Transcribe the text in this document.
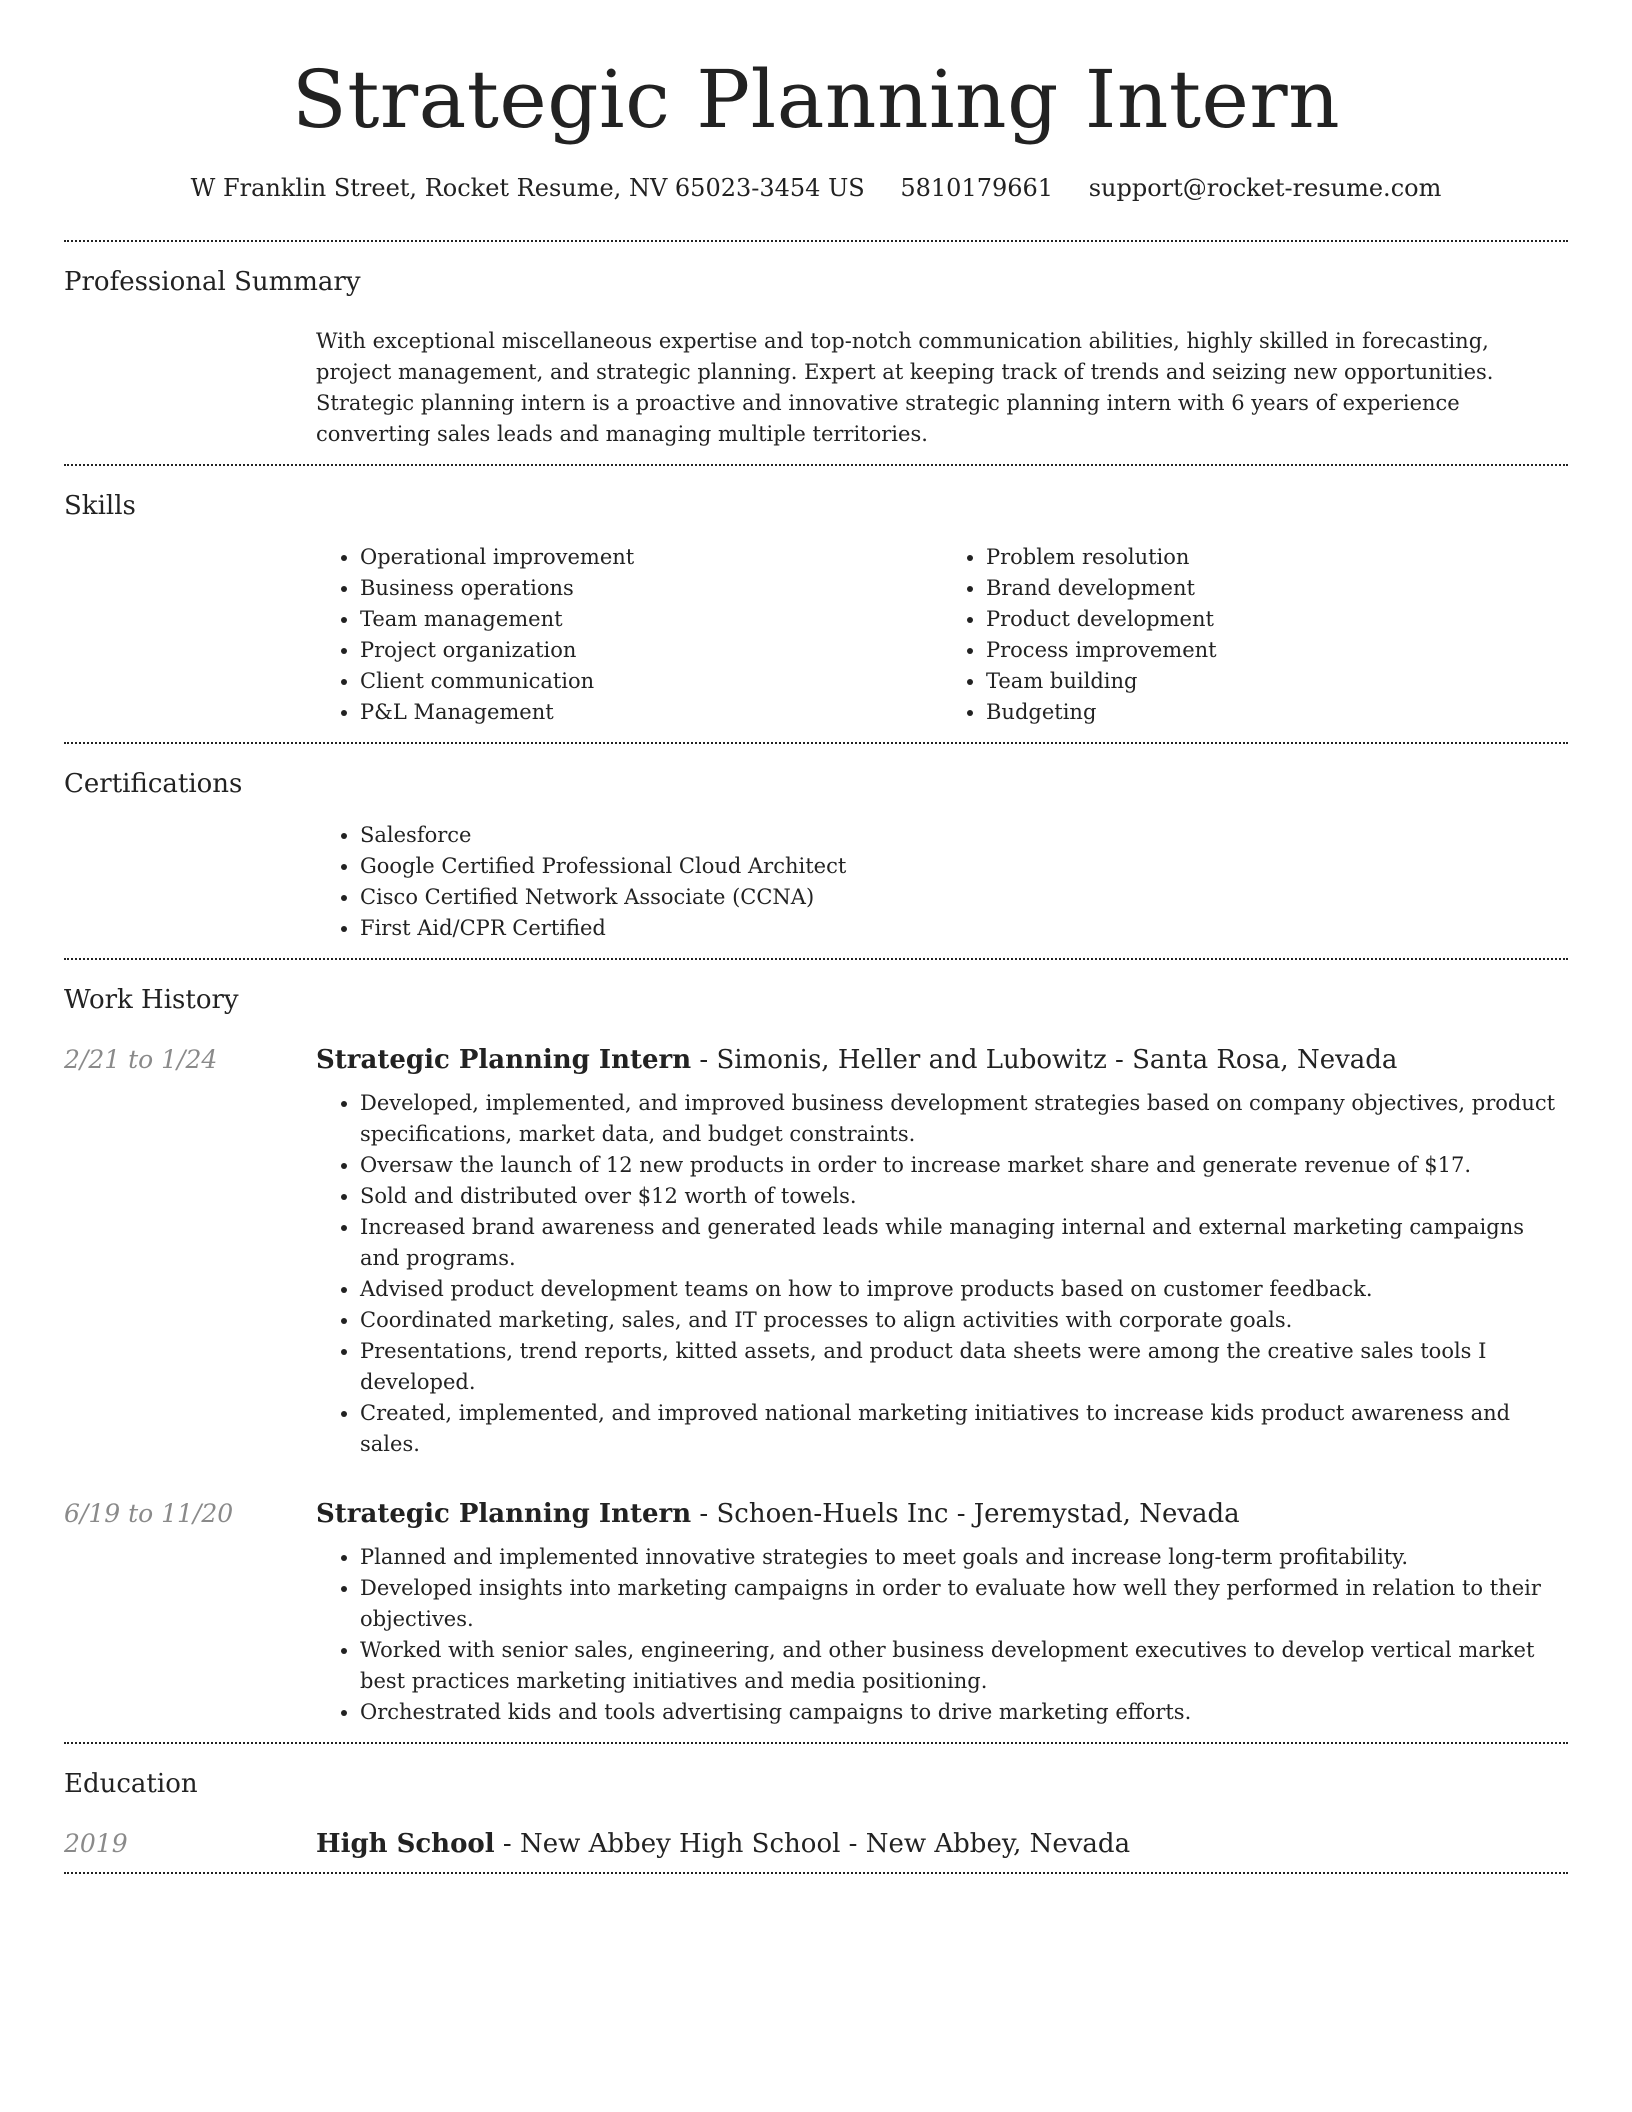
Strategic Planning Intern
W Franklin Street, Rocket Resume, NV 65023-3454 US 5810179661 support@rocket-resume.com
Professional Summary

With exceptional miscellaneous expertise and top-notch communication abilities, highly skilled in forecasting, project management, and strategic planning. Expert at keeping track of trends and seizing new opportunities. Strategic planning intern is a proactive and innovative strategic planning intern with 6 years of experience converting sales leads and managing multiple territories.

Skills
• Operational improvement
• Business operations
• Team management
• Project organization
• Client communication
• P&L Management
• Problem resolution
• Brand development
• Product development
• Process improvement
• Team building
• Budgeting
Certifications
• Salesforce
• Google Certified Professional Cloud Architect
• Cisco Certified Network Associate (CCNA)
• First Aid/CPR Certified
Work History
2/21 to 1/24	Strategic Planning Intern - Simonis, Heller and Lubowitz - Santa Rosa, Nevada

• Developed, implemented, and improved business development strategies based on company objectives, product specifications, market data, and budget constraints.
• Oversaw the launch of 12 new products in order to increase market share and generate revenue of $17.
• Sold and distributed over $12 worth of towels.
• Increased brand awareness and generated leads while managing internal and external marketing campaigns and programs.
• Advised product development teams on how to improve products based on customer feedback.
• Coordinated marketing, sales, and IT processes to align activities with corporate goals.
• Presentations, trend reports, kitted assets, and product data sheets were among the creative sales tools I developed.
• Created, implemented, and improved national marketing initiatives to increase kids product awareness and sales.
6/19 to 11/20	Strategic Planning Intern - Schoen-Huels Inc - Jeremystad, Nevada

• Planned and implemented innovative strategies to meet goals and increase long-term profitability.
• Developed insights into marketing campaigns in order to evaluate how well they performed in relation to their objectives.
• Worked with senior sales, engineering, and other business development executives to develop vertical market best practices marketing initiatives and media positioning.
• Orchestrated kids and tools advertising campaigns to drive marketing efforts.
Education
2019	High School - New Abbey High School - New Abbey, Nevada
